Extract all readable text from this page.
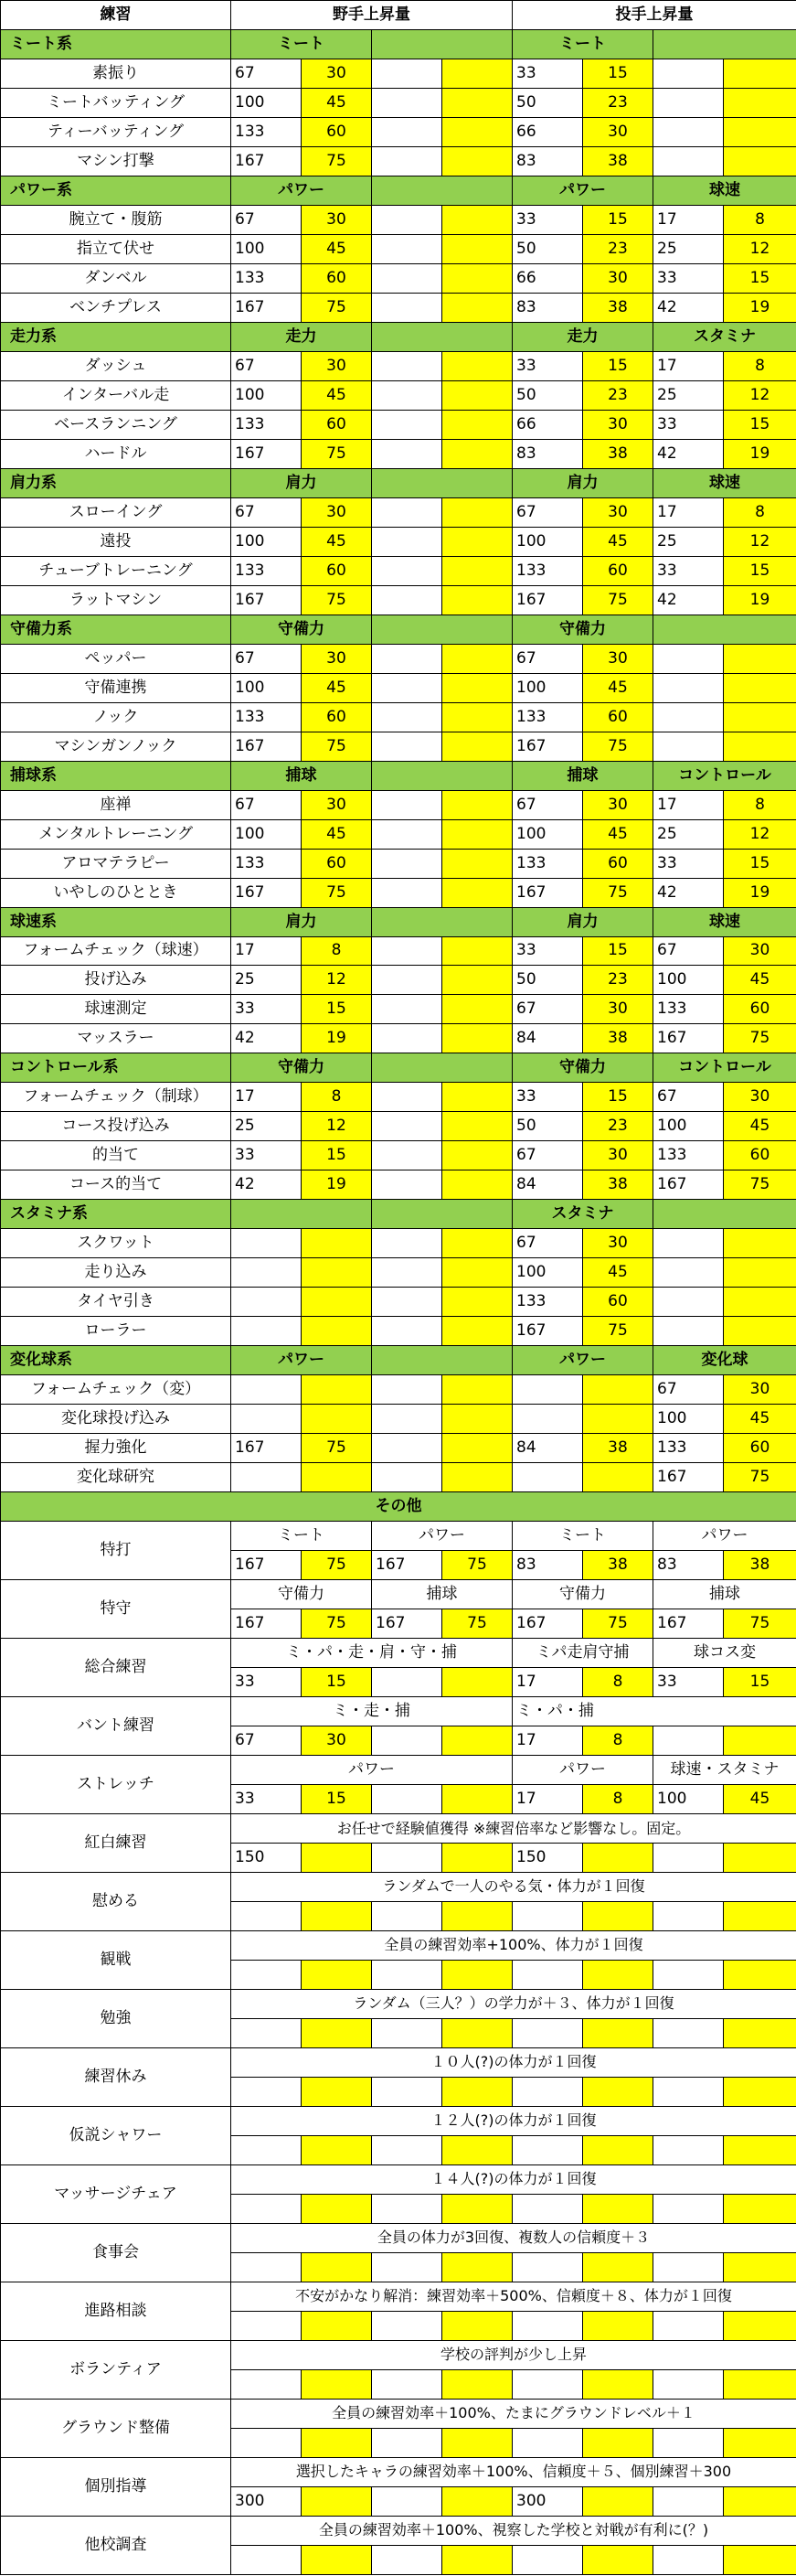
練習	野手上昇量				投手上昇量			
ミート系	ミート				ミート			
素振り	67	30			33	15		
ミートバッティング	100	45			50	23		
ティーバッティング	133	60			66	30		
マシン打撃	167	75			83	38		
パワー系	パワー				パワー		球速	
腕立て・腹筋	67	30			33	15	17	8
指立て伏せ	100	45			50	23	25	12
ダンベル	133	60			66	30	33	15
ベンチプレス	167	75			83	38	42	19
走力系	走力				走力		スタミナ	
ダッシュ	67	30			33	15	17	8
インターバル走	100	45			50	23	25	12
ベースランニング	133	60			66	30	33	15
ハードル	167	75			83	38	42	19
肩力系	肩力				肩力		球速	
スローイング	67	30			67	30	17	8
遠投	100	45			100	45	25	12
チューブトレーニング	133	60			133	60	33	15
ラットマシン	167	75			167	75	42	19
守備力系	守備力				守備力			
ペッパー	67	30			67	30		
守備連携	100	45			100	45		
ノック	133	60			133	60		
マシンガンノック	167	75			167	75		
捕球系	捕球				捕球		コントロール	
座禅	67	30			67	30	17	8
メンタルトレーニング	100	45			100	45	25	12
アロマテラピー	133	60			133	60	33	15
いやしのひととき	167	75			167	75	42	19
球速系	肩力				肩力		球速	
フォームチェック（球速）	17	8			33	15	67	30
投げ込み	25	12			50	23	100	45
球速測定	33	15			67	30	133	60
マッスラー	42	19			84	38	167	75
コントロール系	守備力				守備力		コントロール	
フォームチェック（制球）	17	8			33	15	67	30
コース投げ込み	25	12			50	23	100	45
的当て	33	15			67	30	133	60
コース的当て	42	19			84	38	167	75
スタミナ系					スタミナ			
スクワット					67	30		
走り込み					100	45		
タイヤ引き					133	60		
ローラー					167	75		
変化球系	パワー				パワー		変化球	
フォームチェック（変）							67	30
変化球投げ込み							100	45
握力強化	167	75			84	38	133	60
変化球研究							167	75
その他								
特打	ミート		パワー		ミート		パワー	
	167	75	167	75	83	38	83	38
特守	守備力		捕球		守備力		捕球	
	167	75	167	75	167	75	167	75
総合練習	ミ・パ・走・肩・守・捕				ミパ走肩守捕		球コス変	
	33	15			17	8	33	15
バント練習	ミ・走・捕				ミ・パ・捕			
	67	30			17	8		
ストレッチ	パワー				パワー		球速・スタミナ	
	33	15			17	8	100	45
紅白練習	お任せで経験値獲得 ※練習倍率など影響なし。固定。							
	150				150			
慰める	ランダムで一人のやる気・体力が１回復							

観戦	全員の練習効率+100%、体力が１回復							

勉強	ランダム（三人？）の学力が＋３、体力が１回復							

練習休み	１０人(?)の体力が１回復							

仮説シャワー	１２人(?)の体力が１回復							

マッサージチェア	１４人(?)の体力が１回復							

食事会	全員の体力が3回復、複数人の信頼度＋３							

進路相談	不安がかなり解消：練習効率＋500%、信頼度＋８、体力が１回復							

ボランティア	学校の評判が少し上昇							

グラウンド整備	全員の練習効率＋100%、たまにグラウンドレベル＋１							

個別指導	選択したキャラの練習効率＋100%、信頼度＋５、個別練習＋300							
	300				300			
他校調査	全員の練習効率＋100%、視察した学校と対戦が有利に(？)							
